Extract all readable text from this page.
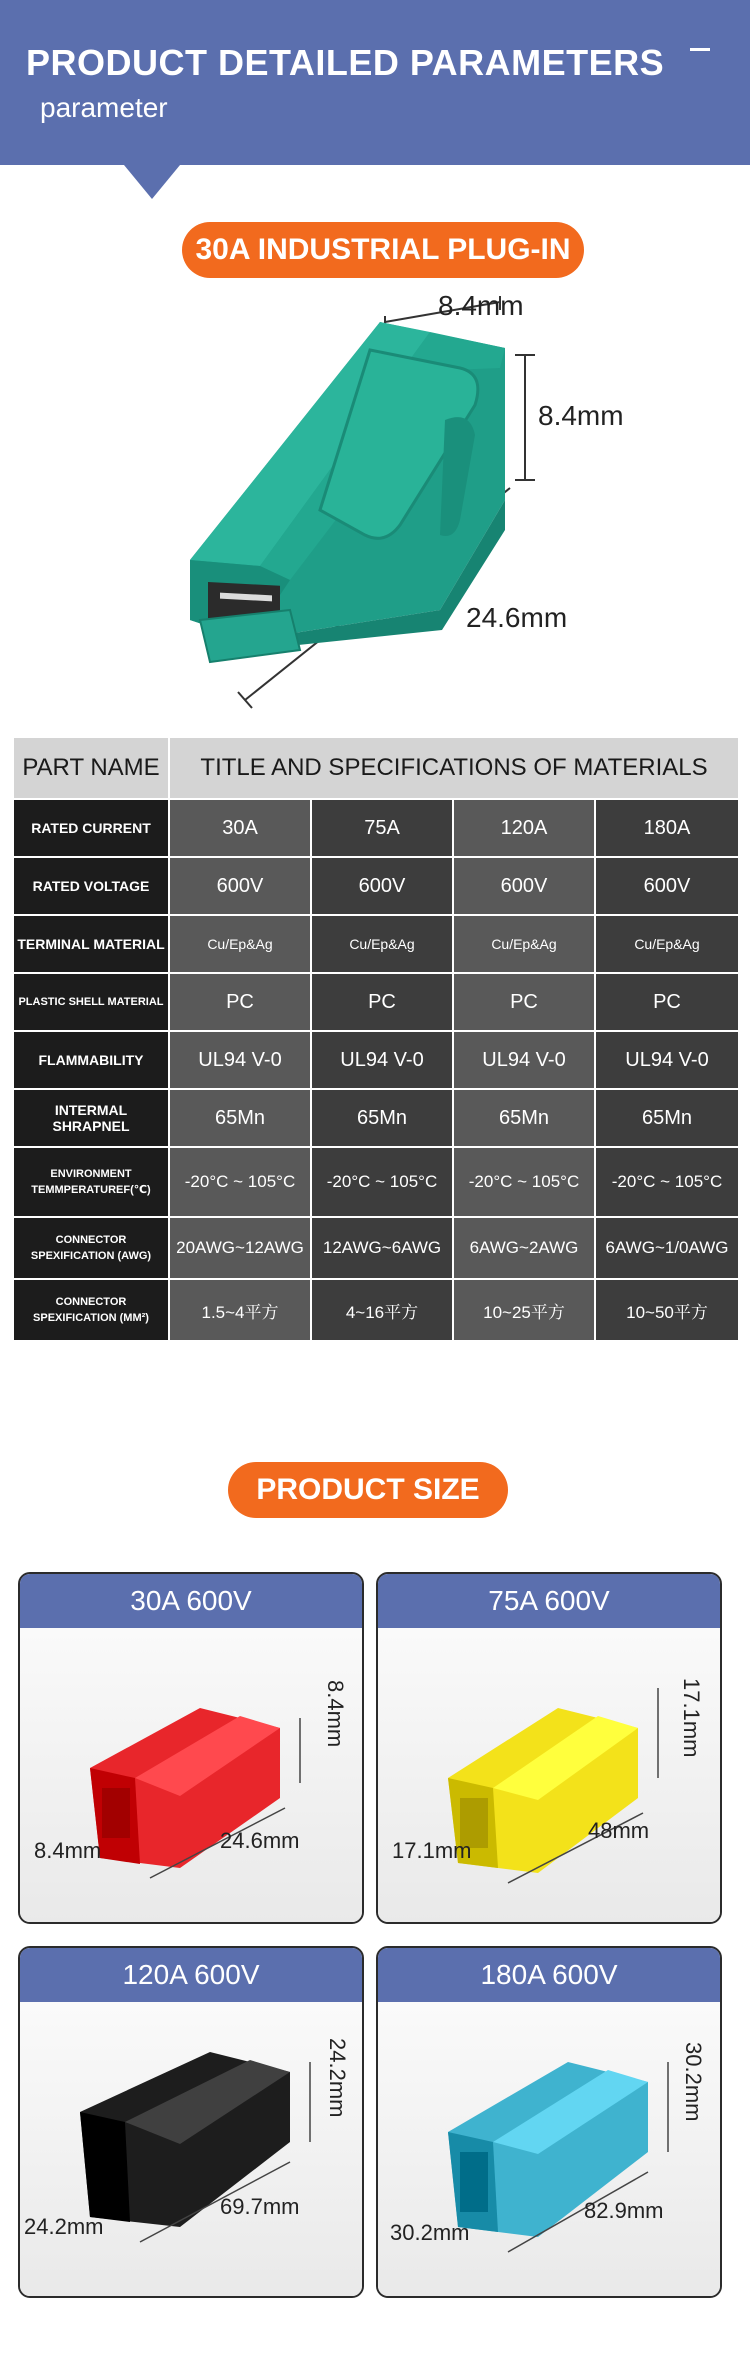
PRODUCT DETAILED PARAMETERS
parameter
30A INDUSTRIAL PLUG-IN
8.4mm
8.4mm
24.6mm
PART NAME	TITLE AND SPECIFICATIONS OF MATERIALS			
RATED CURRENT	30A	75A	120A	180A
RATED VOLTAGE	600V	600V	600V	600V
TERMINAL MATERIAL	Cu/Ep&Ag	Cu/Ep&Ag	Cu/Ep&Ag	Cu/Ep&Ag
PLASTIC SHELL MATERIAL	PC	PC	PC	PC
FLAMMABILITY	UL94 V-0	UL94 V-0	UL94 V-0	UL94 V-0
INTERMAL SHRAPNEL	65Mn	65Mn	65Mn	65Mn
ENVIRONMENT TEMMPERATUREF(℃)	-20°C ~ 105°C	-20°C ~ 105°C	-20°C ~ 105°C	-20°C ~ 105°C
CONNECTOR SPEXIFICATION (AWG)	20AWG~12AWG	12AWG~6AWG	6AWG~2AWG	6AWG~1/0AWG
CONNECTOR SPEXIFICATION (MM²)	1.5~4平方	4~16平方	10~25平方	10~50平方
PRODUCT SIZE
30A 600V
8.4mm
8.4mm	24.6mm
75A 600V
17.1mm
17.1mm
48mm
120A 600V
24.2mm
24.2mm
69.7mm
180A 600V
30.2mm
30.2mm
82.9mm
